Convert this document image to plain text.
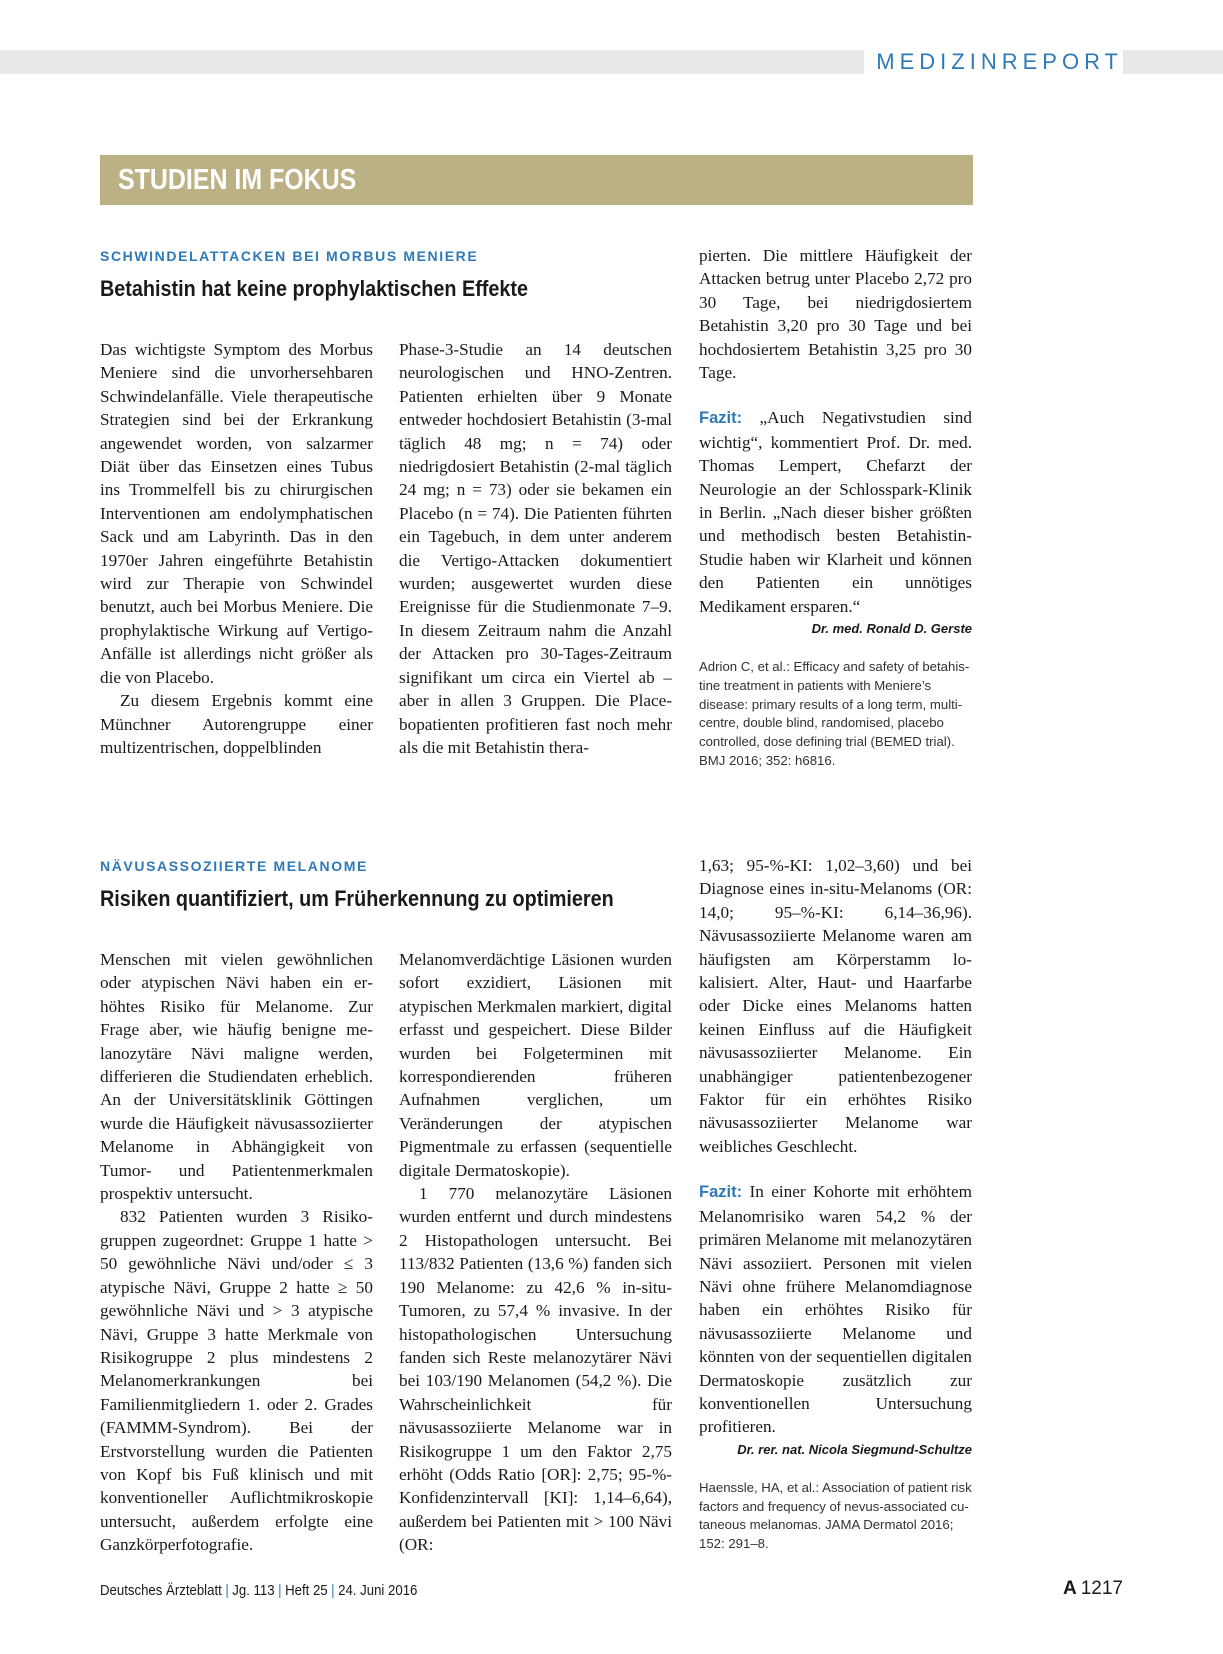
MEDIZINREPORT
STUDIEN IM FOKUS
SCHWINDELATTACKEN BEI MORBUS MENIERE
Betahistin hat keine prophylaktischen Effekte

Das wichtigste Symptom des Morbus Meniere sind die unvorhersehbaren Schwindelanfälle. Viele therapeutische Strategien sind bei der Erkrankung angewendet worden, von salzarmer Diät über das Einsetzen eines Tubus ins Trommelfell bis zu chirurgischen Interventionen am endolymphatischen Sack und am Labyrinth. Das in den 1970er Jahren eingeführte Betahistin wird zur Therapie von Schwindel benutzt, auch bei Morbus Meniere. Die prophylaktische Wirkung auf Vertigo-Anfälle ist allerdings nicht größer als die von Placebo.

Zu diesem Ergebnis kommt eine Münchner Autorengruppe einer multizentrischen, doppelblinden

Phase-3-Studie an 14 deutschen neurologischen und HNO-Zentren. Patienten erhielten über 9 Monate entweder hochdosiert Betahistin (3-mal täglich 48 mg; n = 74) oder niedrigdosiert Betahistin (2-mal täglich 24 mg; n = 73) oder sie bekamen ein Placebo (n = 74). Die Patienten führten ein Tagebuch, in dem unter anderem die Vertigo-Attacken dokumentiert wurden; ausgewertet wurden diese Ereignisse für die Studienmonate 7–9. In diesem Zeitraum nahm die Anzahl der Attacken pro 30-Tages-Zeitraum signifikant um circa ein Viertel ab – aber in allen 3 Gruppen. Die Placebopatienten profitieren fast noch mehr als die mit Betahistin thera-

pierten. Die mittlere Häufigkeit der Attacken betrug unter Placebo 2,72 pro 30 Tage, bei niedrigdosiertem Betahistin 3,20 pro 30 Tage und bei hochdosiertem Betahistin 3,25 pro 30 Tage.

Fazit: „Auch Negativstudien sind wichtig“, kommentiert Prof. Dr. med. Thomas Lempert, Chefarzt der Neurologie an der Schlosspark-Klinik in Berlin. „Nach dieser bisher größten und methodisch besten Betahistin-Studie haben wir Klarheit und können den Patienten ein unnötiges Medikament ersparen.“

Dr. med. Ronald D. Gerste
Adrion C, et al.: Efficacy and safety of betahistine treatment in patients with Meniere’s disease: primary results of a long term, multicentre, double blind, randomised, placebo controlled, dose defining trial (BEMED trial). BMJ 2016; 352: h6816.
NÄVUSASSOZIIERTE MELANOME
Risiken quantifiziert, um Früherkennung zu optimieren

Menschen mit vielen gewöhnlichen oder atypischen Nävi haben ein erhöhtes Risiko für Melanome. Zur Frage aber, wie häufig benigne melanozytäre Nävi maligne werden, differieren die Studiendaten erheblich. An der Universitätsklinik Göttingen wurde die Häufigkeit nävusassoziierter Melanome in Abhängigkeit von Tumor- und Patientenmerkmalen prospektiv untersucht.

832 Patienten wurden 3 Risikogruppen zugeordnet: Gruppe 1 hatte > 50 gewöhnliche Nävi und/oder ≤ 3 atypische Nävi, Gruppe 2 hatte ≥ 50 gewöhnliche Nävi und > 3 atypische Nävi, Gruppe 3 hatte Merkmale von Risikogruppe 2 plus mindestens 2 Melanomerkrankungen bei Familienmitgliedern 1. oder 2. Grades (FAMMM-Syndrom). Bei der Erstvorstellung wurden die Patienten von Kopf bis Fuß klinisch und mit konventioneller Auflichtmikroskopie untersucht, außerdem erfolgte eine Ganzkörperfotografie.

Melanomverdächtige Läsionen wurden sofort exzidiert, Läsionen mit atypischen Merkmalen markiert, digital erfasst und gespeichert. Diese Bilder wurden bei Folgeterminen mit korrespondierenden früheren Aufnahmen verglichen, um Veränderungen der atypischen Pigmentmale zu erfassen (sequentielle digitale Dermatoskopie).

1 770 melanozytäre Läsionen wurden entfernt und durch mindestens 2 Histopathologen untersucht. Bei 113/832 Patienten (13,6 %) fanden sich 190 Melanome: zu 42,6 % in-situ-Tumoren, zu 57,4 % invasive. In der histopathologischen Untersuchung fanden sich Reste melanozytärer Nävi bei 103/190 Melanomen (54,2 %). Die Wahrscheinlichkeit für nävusassoziierte Melanome war in Risikogruppe 1 um den Faktor 2,75 erhöht (Odds Ratio [OR]: 2,75; 95-%-Konfidenzintervall [KI]: 1,14–6,64), außerdem bei Patienten mit > 100 Nävi (OR:

1,63; 95-%-KI: 1,02–3,60) und bei Diagnose eines in-situ-Melanoms (OR: 14,0; 95–%-KI: 6,14–36,96). Nävusassoziierte Melanome waren am häufigsten am Körperstamm lokalisiert. Alter, Haut- und Haarfarbe oder Dicke eines Melanoms hatten keinen Einfluss auf die Häufigkeit nävusassoziierter Melanome. Ein unabhängiger patientenbezogener Faktor für ein erhöhtes Risiko nävusassoziierter Melanome war weibliches Geschlecht.

Fazit: In einer Kohorte mit erhöhtem Melanomrisiko waren 54,2 % der primären Melanome mit melanozytären Nävi assoziiert. Personen mit vielen Nävi ohne frühere Melanomdiagnose haben ein erhöhtes Risiko für nävusassoziierte Melanome und könnten von der sequentiellen digitalen Dermatoskopie zusätzlich zur konventionellen Untersuchung profitieren.

Dr. rer. nat. Nicola Siegmund-Schultze
Haenssle, HA, et al.: Association of patient risk factors and frequency of nevus-associated cutaneous melanomas. JAMA Dermatol 2016; 152: 291–8.
Deutsches Ärzteblatt | Jg. 113 | Heft 25 | 24. Juni 2016	A 1217
